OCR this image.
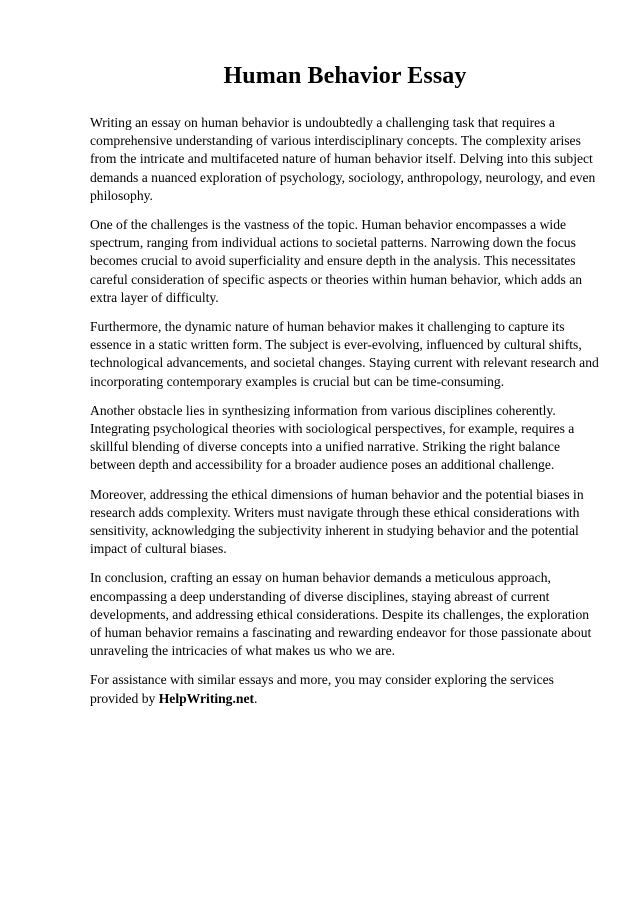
Human Behavior Essay

Writing an essay on human behavior is undoubtedly a challenging task that requires a comprehensive understanding of various interdisciplinary concepts. The complexity arises from the intricate and multifaceted nature of human behavior itself. Delving into this subject demands a nuanced exploration of psychology, sociology, anthropology, neurology, and even philosophy.

One of the challenges is the vastness of the topic. Human behavior encompasses a wide spectrum, ranging from individual actions to societal patterns. Narrowing down the focus becomes crucial to avoid superficiality and ensure depth in the analysis. This necessitates careful consideration of specific aspects or theories within human behavior, which adds an extra layer of difficulty.

Furthermore, the dynamic nature of human behavior makes it challenging to capture its essence in a static written form. The subject is ever-evolving, influenced by cultural shifts, technological advancements, and societal changes. Staying current with relevant research and incorporating contemporary examples is crucial but can be time-consuming.

Another obstacle lies in synthesizing information from various disciplines coherently. Integrating psychological theories with sociological perspectives, for example, requires a skillful blending of diverse concepts into a unified narrative. Striking the right balance between depth and accessibility for a broader audience poses an additional challenge.

Moreover, addressing the ethical dimensions of human behavior and the potential biases in research adds complexity. Writers must navigate through these ethical considerations with sensitivity, acknowledging the subjectivity inherent in studying behavior and the potential impact of cultural biases.

In conclusion, crafting an essay on human behavior demands a meticulous approach, encompassing a deep understanding of diverse disciplines, staying abreast of current developments, and addressing ethical considerations. Despite its challenges, the exploration of human behavior remains a fascinating and rewarding endeavor for those passionate about unraveling the intricacies of what makes us who we are.

For assistance with similar essays and more, you may consider exploring the services provided by HelpWriting.net.
